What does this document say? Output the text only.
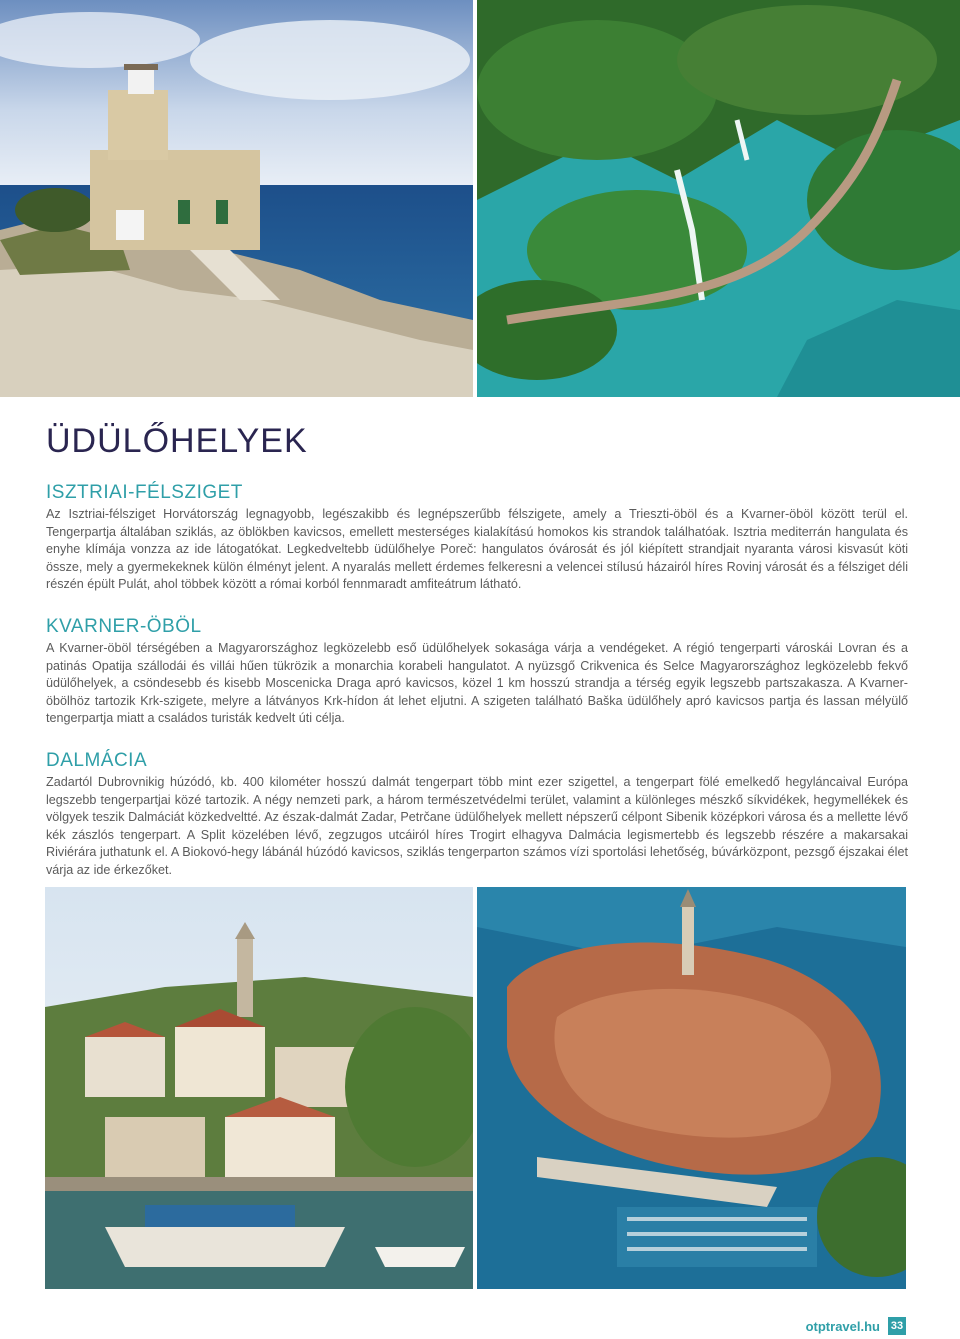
ÜDÜLŐHELYEK
ISZTRIAI-FÉLSZIGET

Az Isztriai-félsziget Horvátország legnagyobb, legészakibb és legnépszerűbb félszigete, amely a Trieszti-öböl és a Kvarner-öböl között terül el. Tengerpartja általában sziklás, az öblökben kavicsos, emellett mesterséges kialakítású homokos kis strandok találhatóak. Isztria mediterrán hangulata és enyhe klímája vonzza az ide látogatókat. Legkedveltebb üdülőhelye Poreč: hangulatos óvárosát és jól kiépített strandjait nyaranta városi kisvasút köti össze, mely a gyermekeknek külön élményt jelent. A nyaralás mellett érdemes felkeresni a velencei stílusú házairól híres Rovinj városát és a félsziget déli részén épült Pulát, ahol többek között a római korból fennmaradt amfiteátrum látható.

KVARNER-ÖBÖL

A Kvarner-öböl térségében a Magyarországhoz legközelebb eső üdülőhelyek sokasága várja a vendégeket. A régió tengerparti városkái Lovran és a patinás Opatija szállodái és villái hűen tükrözik a monarchia korabeli hangulatot. A nyüzsgő Crikvenica és Selce Magyarországhoz legközelebb fekvő üdülőhelyek, a csöndesebb és kisebb Moscenicka Draga apró kavicsos, közel 1 km hosszú strandja a térség egyik legszebb partszakasza. A Kvarner-öbölhöz tartozik Krk-szigete, melyre a látványos Krk-hídon át lehet eljutni. A szigeten található Baška üdülőhely apró kavicsos partja és lassan mélyülő tengerpartja miatt a családos turisták kedvelt úti célja.

DALMÁCIA

Zadartól Dubrovnikig húzódó, kb. 400 kilométer hosszú dalmát tengerpart több mint ezer szigettel, a tengerpart fölé emelkedő hegyláncaival Európa legszebb tengerpartjai közé tartozik. A négy nemzeti park, a három természetvédelmi terület, valamint a különleges mészkő síkvidékek, hegymellékek és völgyek teszik Dalmáciát közkedveltté. Az észak-dalmát Zadar, Petrčane üdülőhelyek mellett népszerű célpont Sibenik középkori városa és a mellette lévő kék zászlós tengerpart. A Split közelében lévő, zegzugos utcáiról híres Trogirt elhagyva Dalmácia legismertebb és legszebb részére a makarsakai Riviérára juthatunk el. A Biokovó-hegy lábánál húzódó kavicsos, sziklás tengerparton számos vízi sportolási lehetőség, búvárközpont, pezsgő éjszakai élet várja az ide érkezőket.

otptravel.hu 33
